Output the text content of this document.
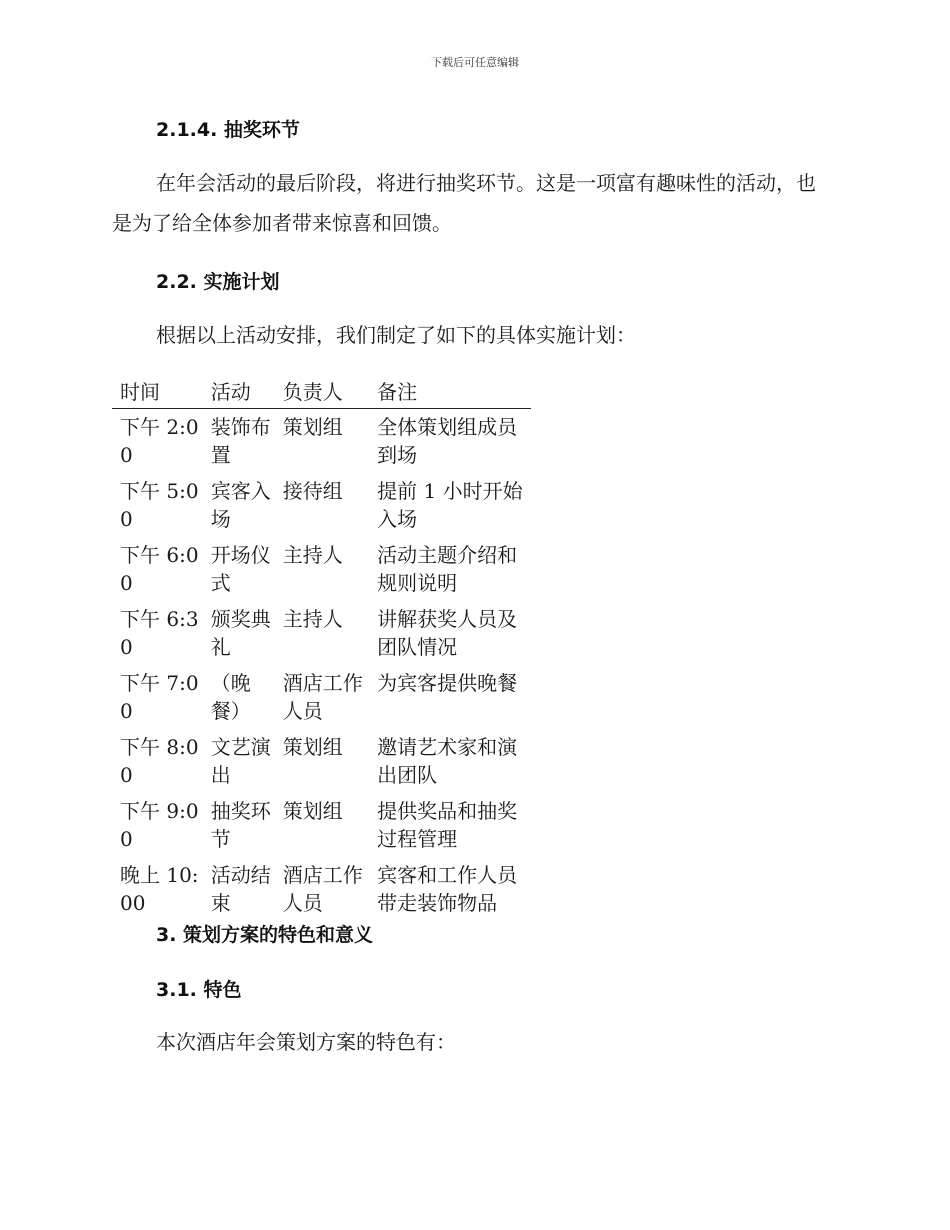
下载后可任意编辑
2.1.4. 抽奖环节
在年会活动的最后阶段，将进行抽奖环节。这是一项富有趣味性的活动，也是为了给全体参加者带来惊喜和回馈。
2.2. 实施计划
根据以上活动安排，我们制定了如下的具体实施计划：
时间	活动	负责人	备注

下午 2:00	装饰布置	策划组	全体策划组成员到场

下午 5:00	宾客入场	接待组	提前 1 小时开始入场

下午 6:00	开场仪式	主持人	活动主题介绍和规则说明

下午 6:30	颁奖典礼	主持人	讲解获奖人员及团队情况

下午 7:00	（晚餐）	酒店工作人员	为宾客提供晚餐

下午 8:00	文艺演出	策划组	邀请艺术家和演出团队

下午 9:00	抽奖环节	策划组	提供奖品和抽奖过程管理

晚上 10:00	活动结束	酒店工作人员	宾客和工作人员带走装饰物品
3. 策划方案的特色和意义
3.1. 特色
本次酒店年会策划方案的特色有：
